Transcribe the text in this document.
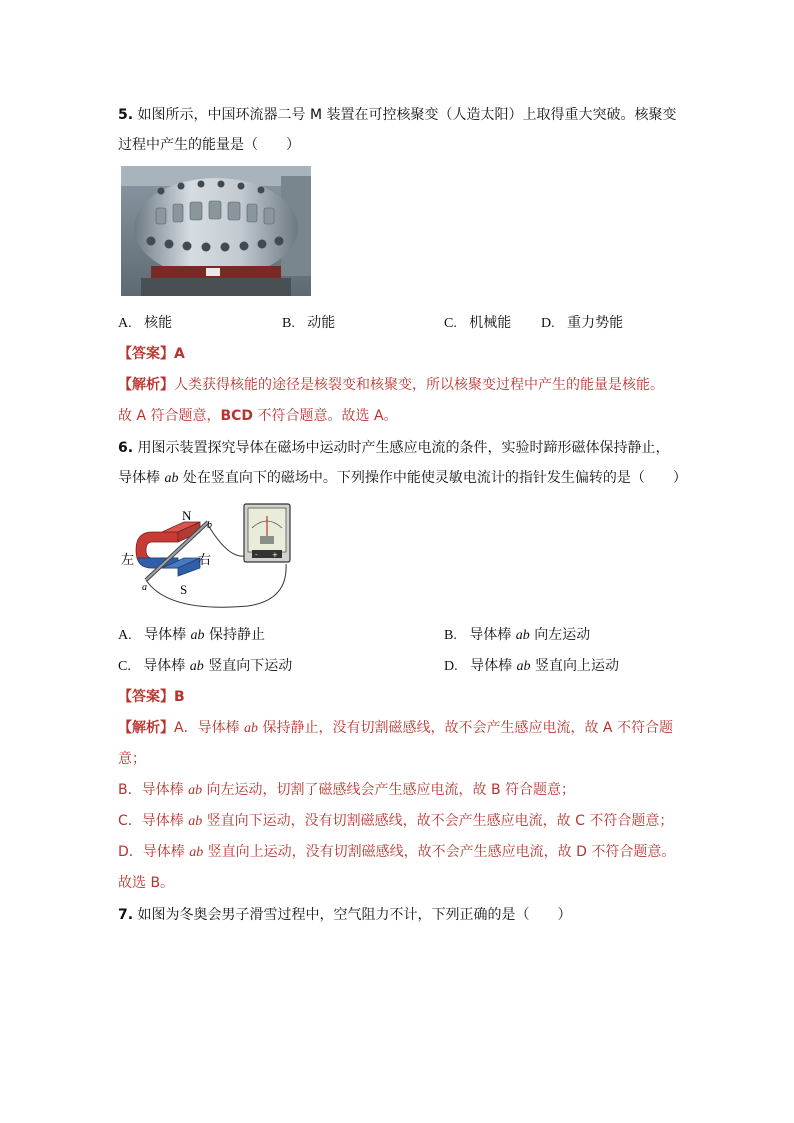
5. 如图所示，中国环流器二号 M 装置在可控核聚变（人造太阳）上取得重大突破。核聚变
过程中产生的能量是（　　）
A. 核能	B. 动能	C. 机械能 D. 重力势能
【答案】A
【解析】人类获得核能的途径是核裂变和核聚变，所以核聚变过程中产生的能量是核能。
故 A 符合题意，BCD 不符合题意。故选 A。
6. 用图示装置探究导体在磁场中运动时产生感应电流的条件，实验时蹄形磁体保持静止，
导体棒 ab 处在竖直向下的磁场中。下列操作中能使灵敏电流计的指针发生偏转的是（　　）
- +
N
S
左	右
a
b
A. 导体棒 ab 保持静止	B. 导体棒 ab 向左运动
C. 导体棒 ab 竖直向下运动	D. 导体棒 ab 竖直向上运动
【答案】B
【解析】A．导体棒 ab 保持静止，没有切割磁感线，故不会产生感应电流，故 A 不符合题
意；
B．导体棒 ab 向左运动，切割了磁感线会产生感应电流，故 B 符合题意；
C．导体棒 ab 竖直向下运动，没有切割磁感线，故不会产生感应电流，故 C 不符合题意；
D．导体棒 ab 竖直向上运动，没有切割磁感线，故不会产生感应电流，故 D 不符合题意。
故选 B。
7. 如图为冬奥会男子滑雪过程中，空气阻力不计，下列正确的是（　　）
